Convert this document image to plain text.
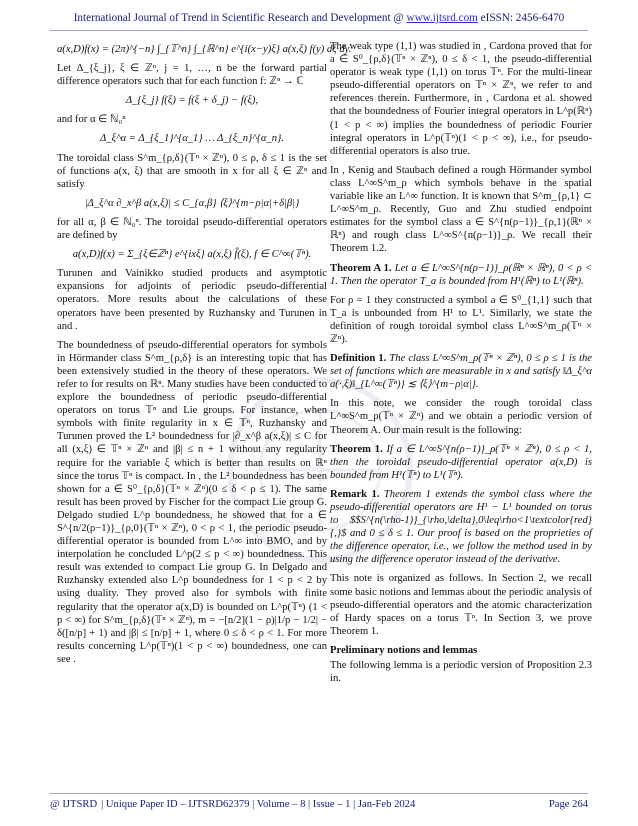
International Journal of Trend in Scientific Research and Development @ www.ijtsrd.com eISSN: 2456-6470
a(x,D)f(x) = (2π)^{−n} ∫_{𝕋^n} ∫_{ℝ^n} e^{i(x−y)ξ} a(x,ξ) f(y) dξ dy.

Let Δ_{ξ_j}, ξ ∈ ℤⁿ, j = 1, …, n be the forward partial difference operators such that for each function f: ℤⁿ → ℂ

Δ_{ξ_j} f(ξ) = f(ξ + δ_j) − f(ξ),

and for α ∈ ℕ₀ⁿ

Δ_ξ^α = Δ_{ξ_1}^{α_1} … Δ_{ξ_n}^{α_n}.

The toroidal class S^m_{ρ,δ}(𝕋ⁿ × ℤⁿ), 0 ≤ ρ, δ ≤ 1 is the set of functions a(x, ξ) that are smooth in x for all ξ ∈ ℤⁿ and satisfy

|Δ_ξ^α ∂_x^β a(x,ξ)| ≤ C_{α,β} ⟨ξ⟩^{m−ρ|α|+δ|β|}

for all α, β ∈ ℕ₀ⁿ. The toroidal pseudo-differential operators are defined by

a(x,D)f(x) = Σ_{ξ∈ℤⁿ} e^{ixξ} a(x,ξ) f̂(ξ), f ∈ C^∞(𝕋ⁿ).

Turunen and Vainikko studied products and asymptotic expansions for adjoints of periodic pseudo-differential operators. More results about the calculations of these operators have been presented by Ruzhansky and Turunen in and .

The boundedness of pseudo-differential operators for symbols in Hörmander class S^m_{ρ,δ} is an interesting topic that has been extensively studied in the theory of these operators. We refer to for results on ℝⁿ. Many studies have been conducted to explore the boundedness of periodic pseudo-differential operators on torus 𝕋ⁿ and Lie groups. For instance, when symbols with finite regularity in x ∈ 𝕋ⁿ, Ruzhansky and Turunen proved the L² boundedness for |∂_x^β a(x,ξ)| ≤ C for all (x,ξ) ∈ 𝕋ⁿ × ℤⁿ and |β| ≤ n + 1 without any regularity require for the variable ξ which is better than results on ℝⁿ since the torus 𝕋ⁿ is compact. In , the L² boundedness has been shown for a ∈ S⁰_{ρ,δ}(𝕋ⁿ × ℤⁿ)(0 ≤ δ < ρ ≤ 1). The same result has been proved by Fischer for the compact Lie group G. Delgado studied L^p boundedness, he showed that for a ∈ S^{n/2(ρ−1)}_{ρ,0}(𝕋ⁿ × ℤⁿ), 0 < ρ < 1, the periodic pseudo-differential operator is bounded from L^∞ into BMO, and by interpolation he concluded L^p(2 ≤ p < ∞) boundedness. This result was extended to compact Lie group G. In Delgado and Ruzhansky extended also L^p boundedness for 1 < p < 2 by using duality. They proved also for symbols with finite regularity that the operator a(x,D) is bounded on L^p(𝕋ⁿ) (1 < p < ∞) for S^m_{ρ,δ}(𝕋ⁿ × ℤⁿ), m = −[n/2](1 − ρ)|1/p − 1/2| − δ([n/p] + 1) and |β| ≤ [n/p] + 1, where 0 ≤ δ < ρ < 1. For more results concerning L^p(𝕋ⁿ)(1 < p < ∞) boundedness, one can see .

The weak type (1,1) was studied in , Cardona proved that for a ∈ S⁰_{ρ,δ}(𝕋ⁿ × ℤⁿ), 0 ≤ δ < 1, the pseudo-differential operator is weak type (1,1) on torus 𝕋ⁿ. For the multi-linear pseudo-differential operators on 𝕋ⁿ × ℤⁿ, we refer to and references therein. Furthermore, in , Cardona et al. showed that the boundedness of Fourier integral operators in L^p(ℝⁿ)(1 < p < ∞) implies the boundedness of periodic Fourier integral operators in L^p(𝕋ⁿ)(1 < p < ∞), i.e., for pseudo-differential operators is also true.

In , Kenig and Staubach defined a rough Hörmander symbol class L^∞S^m_ρ which symbols behave in the spatial variable like an L^∞ function. It is known that S^m_{ρ,1} ⊂ L^∞S^m_ρ. Recently, Guo and Zhu studied endpoint estimates for the symbol class a ∈ S^{n(ρ−1)}_{ρ,1}(ℝⁿ × ℝⁿ) and rough class L^∞S^{n(ρ−1)}_ρ. We recall their Theorem 1.2.

Theorem A 1. Let a ∈ L^∞S^{n(ρ−1)}_ρ(ℝⁿ × ℝⁿ), 0 < ρ < 1. Then the operator T_a is bounded from H¹(ℝⁿ) to L¹(ℝⁿ).

For ρ = 1 they constructed a symbol a ∈ S⁰_{1,1} such that T_a is unbounded from H¹ to L¹. Similarly, we state the definition of rough toroidal symbol class L^∞S^m_ρ(𝕋ⁿ × ℤⁿ).

Definition 1. The class L^∞S^m_ρ(𝕋ⁿ × ℤⁿ), 0 ≤ ρ ≤ 1 is the set of functions which are measurable in x and satisfy ‖Δ_ξ^α a(·,ξ)‖_{L^∞(𝕋ⁿ)} ≲ ⟨ξ⟩^{m−ρ|α|}.

In this note, we consider the rough toroidal class L^∞S^m_ρ(𝕋ⁿ × ℤⁿ) and we obtain a periodic version of Theorem A. Our main result is the following:

Theorem 1. If a ∈ L^∞S^{n(ρ−1)}_ρ(𝕋ⁿ × ℤⁿ), 0 ≤ ρ < 1, then the toroidal pseudo-differential operator a(x,D) is bounded from H¹(𝕋ⁿ) to L¹(𝕋ⁿ).

Remark 1. Theorem 1 extends the symbol class where the pseudo-differential operators are H¹ − L¹ bounded on torus to $$S^{n(\rho-1)}_{\rho,\delta},0\leq\rho<1\textcolor{red}{,}$ and 0 ≤ δ ≤ 1. Our proof is based on the proprieties of the difference operator, i.e., we follow the method used in by using the difference operator instead of the derivative.

This note is organized as follows. In Section 2, we recall some basic notions and lemmas about the periodic analysis of pseudo-differential operators and the atomic characterization of Hardy spaces on a torus 𝕋ⁿ. In Section 3, we prove Theorem 1.

Preliminary notions and lemmas

The following lemma is a periodic version of Proposition 2.3 in.

@ IJTSRD | Unique Paper ID – IJTSRD62379 | Volume – 8 | Issue – 1 | Jan-Feb 2024	Page 264
